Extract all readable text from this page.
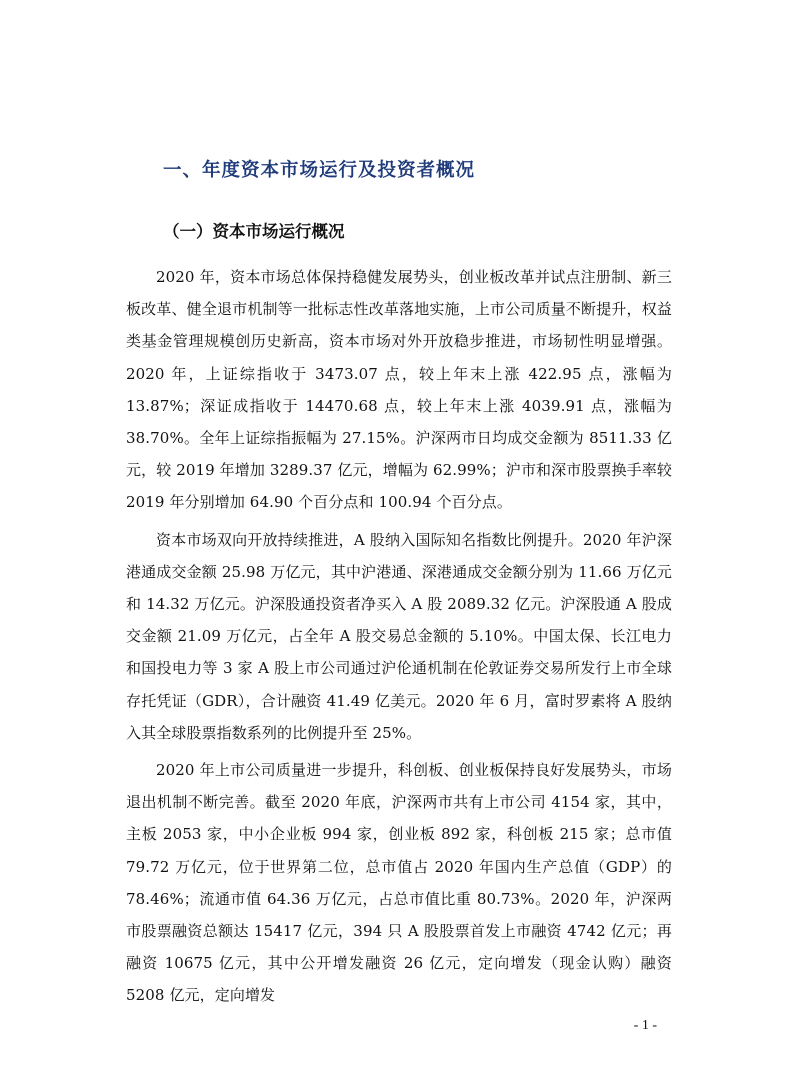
一、年度资本市场运行及投资者概况
（一）资本市场运行概况

2020 年，资本市场总体保持稳健发展势头，创业板改革并试点注册制、新三板改革、健全退市机制等一批标志性改革落地实施，上市公司质量不断提升，权益类基金管理规模创历史新高，资本市场对外开放稳步推进，市场韧性明显增强。2020 年，上证综指收于 3473.07 点，较上年末上涨 422.95 点，涨幅为13.87%；深证成指收于 14470.68 点，较上年末上涨 4039.91 点，涨幅为 38.70%。全年上证综指振幅为 27.15%。沪深两市日均成交金额为 8511.33 亿元，较 2019 年增加 3289.37 亿元，增幅为 62.99%；沪市和深市股票换手率较 2019 年分别增加 64.90 个百分点和 100.94 个百分点。

资本市场双向开放持续推进，A 股纳入国际知名指数比例提升。2020 年沪深港通成交金额 25.98 万亿元，其中沪港通、深港通成交金额分别为 11.66 万亿元和 14.32 万亿元。沪深股通投资者净买入 A 股 2089.32 亿元。沪深股通 A 股成交金额 21.09 万亿元，占全年 A 股交易总金额的 5.10%。中国太保、长江电力和国投电力等 3 家 A 股上市公司通过沪伦通机制在伦敦证券交易所发行上市全球存托凭证（GDR），合计融资 41.49 亿美元。2020 年 6 月，富时罗素将 A 股纳入其全球股票指数系列的比例提升至 25%。

2020 年上市公司质量进一步提升，科创板、创业板保持良好发展势头，市场退出机制不断完善。截至 2020 年底，沪深两市共有上市公司 4154 家，其中，主板 2053 家，中小企业板 994 家，创业板 892 家，科创板 215 家；总市值 79.72 万亿元，位于世界第二位，总市值占 2020 年国内生产总值（GDP）的 78.46%；流通市值 64.36 万亿元，占总市值比重 80.73%。2020 年，沪深两市股票融资总额达 15417 亿元，394 只 A 股股票首发上市融资 4742 亿元；再融资 10675 亿元，其中公开增发融资 26 亿元，定向增发（现金认购）融资 5208 亿元，定向增发

- 1 -
